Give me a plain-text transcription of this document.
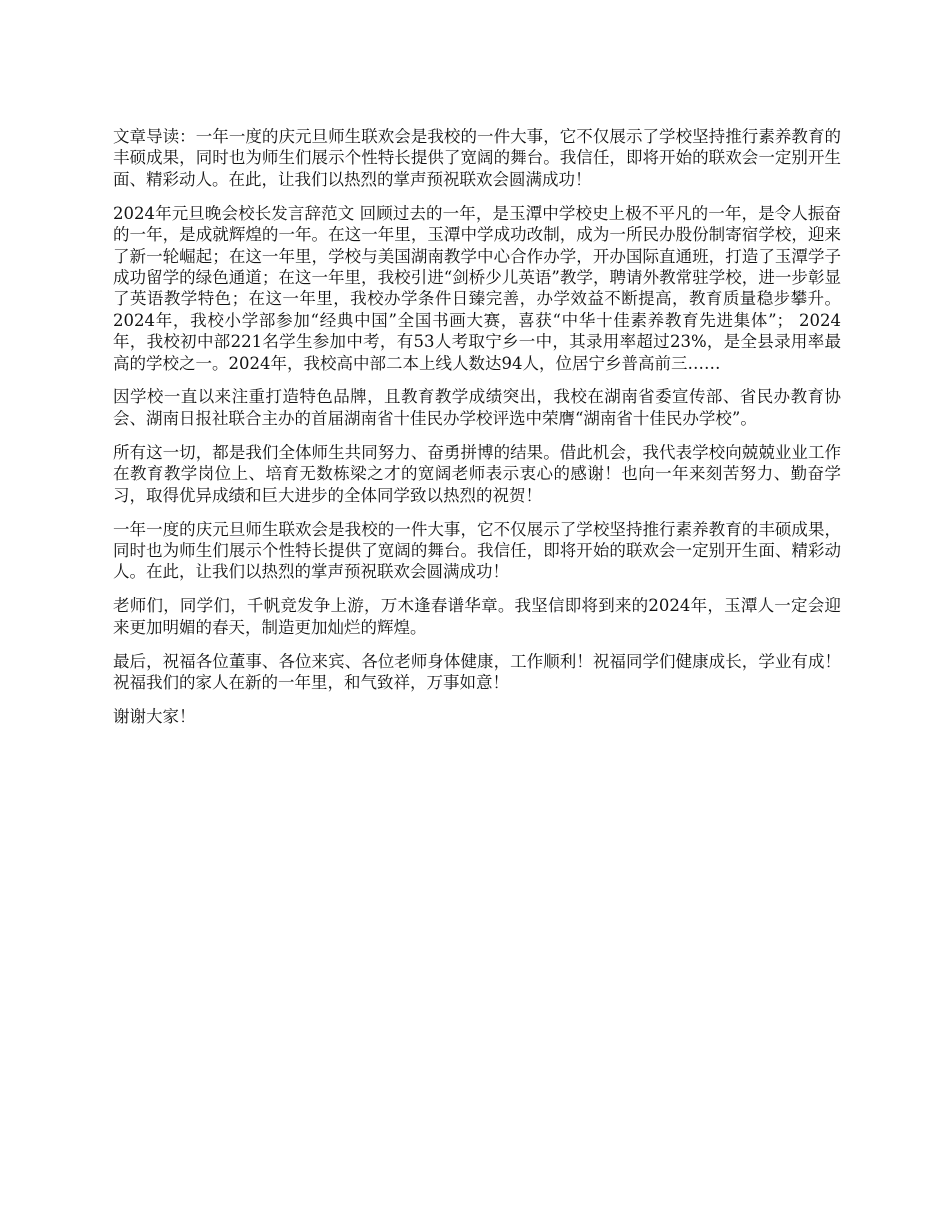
文章导读：一年一度的庆元旦师生联欢会是我校的一件大事，它不仅展示了学校坚持推行素养教育的丰硕成果，同时也为师生们展示个性特长提供了宽阔的舞台。我信任，即将开始的联欢会一定别开生面、精彩动人。在此，让我们以热烈的掌声预祝联欢会圆满成功！

2024年元旦晚会校长发言辞范文 回顾过去的一年，是玉潭中学校史上极不平凡的一年，是令人振奋的一年，是成就辉煌的一年。在这一年里，玉潭中学成功改制，成为一所民办股份制寄宿学校，迎来了新一轮崛起；在这一年里，学校与美国湖南教学中心合作办学，开办国际直通班，打造了玉潭学子成功留学的绿色通道；在这一年里，我校引进“剑桥少儿英语”教学，聘请外教常驻学校，进一步彰显了英语教学特色；在这一年里，我校办学条件日臻完善，办学效益不断提高，教育质量稳步攀升。2024年，我校小学部参加“经典中国”全国书画大赛，喜获“中华十佳素养教育先进集体”； 2024年，我校初中部221名学生参加中考，有53人考取宁乡一中，其录用率超过23%，是全县录用率最高的学校之一。2024年，我校高中部二本上线人数达94人，位居宁乡普高前三……

因学校一直以来注重打造特色品牌，且教育教学成绩突出，我校在湖南省委宣传部、省民办教育协会、湖南日报社联合主办的首届湖南省十佳民办学校评选中荣膺“湖南省十佳民办学校”。

所有这一切，都是我们全体师生共同努力、奋勇拼博的结果。借此机会，我代表学校向兢兢业业工作在教育教学岗位上、培育无数栋梁之才的宽阔老师表示衷心的感谢！也向一年来刻苦努力、勤奋学习，取得优异成绩和巨大进步的全体同学致以热烈的祝贺！

一年一度的庆元旦师生联欢会是我校的一件大事，它不仅展示了学校坚持推行素养教育的丰硕成果，同时也为师生们展示个性特长提供了宽阔的舞台。我信任，即将开始的联欢会一定别开生面、精彩动人。在此，让我们以热烈的掌声预祝联欢会圆满成功！

老师们，同学们，千帆竞发争上游，万木逢春谱华章。我坚信即将到来的2024年，玉潭人一定会迎来更加明媚的春天，制造更加灿烂的辉煌。

最后，祝福各位董事、各位来宾、各位老师身体健康，工作顺利！祝福同学们健康成长，学业有成！祝福我们的家人在新的一年里，和气致祥，万事如意！

谢谢大家！
